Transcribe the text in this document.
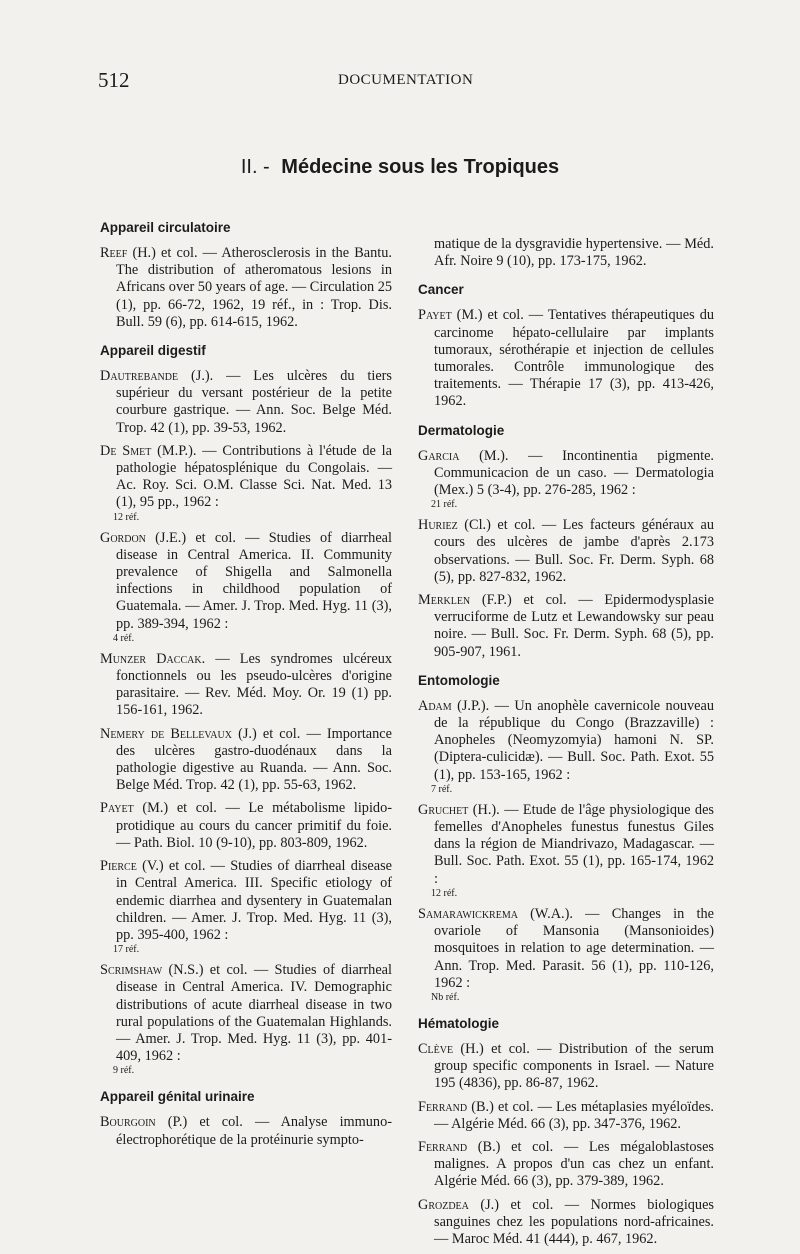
512	DOCUMENTATION
II. - Médecine sous les Tropiques
Appareil circulatoire
Reef (H.) et col. — Atherosclerosis in the Bantu. The distribution of atheromatous lesions in Africans over 50 years of age. — Circulation 25 (1), pp. 66-72, 1962, 19 réf., in : Trop. Dis. Bull. 59 (6), pp. 614-615, 1962.
Appareil digestif
Dautrebande (J.). — Les ulcères du tiers supérieur du versant postérieur de la petite courbure gastrique. — Ann. Soc. Belge Méd. Trop. 42 (1), pp. 39-53, 1962.
De Smet (M.P.). — Contributions à l'étude de la pathologie hépatosplénique du Congolais. — Ac. Roy. Sci. O.M. Classe Sci. Nat. Med. 13 (1), 95 pp., 1962 :
12 réf.
Gordon (J.E.) et col. — Studies of diarrheal disease in Central America. II. Community prevalence of Shigella and Salmonella infections in childhood population of Guatemala. — Amer. J. Trop. Med. Hyg. 11 (3), pp. 389-394, 1962 :
4 réf.
Munzer Daccak. — Les syndromes ulcéreux fonctionnels ou les pseudo-ulcères d'origine parasitaire. — Rev. Méd. Moy. Or. 19 (1) pp. 156-161, 1962.
Nemery de Bellevaux (J.) et col. — Importance des ulcères gastro-duodénaux dans la pathologie digestive au Ruanda. — Ann. Soc. Belge Méd. Trop. 42 (1), pp. 55-63, 1962.
Payet (M.) et col. — Le métabolisme lipido-protidique au cours du cancer primitif du foie. — Path. Biol. 10 (9-10), pp. 803-809, 1962.
Pierce (V.) et col. — Studies of diarrheal disease in Central America. III. Specific etiology of endemic diarrhea and dysentery in Guatemalan children. — Amer. J. Trop. Med. Hyg. 11 (3), pp. 395-400, 1962 :
17 réf.
Scrimshaw (N.S.) et col. — Studies of diarrheal disease in Central America. IV. Demographic distributions of acute diarrheal disease in two rural populations of the Guatemalan Highlands. — Amer. J. Trop. Med. Hyg. 11 (3), pp. 401-409, 1962 :
9 réf.
Appareil génital urinaire
Bourgoin (P.) et col. — Analyse immuno-électrophorétique de la protéinurie sympto-
matique de la dysgravidie hypertensive. — Méd. Afr. Noire 9 (10), pp. 173-175, 1962.
Cancer
Payet (M.) et col. — Tentatives thérapeutiques du carcinome hépato-cellulaire par implants tumoraux, sérothérapie et injection de cellules tumorales. Contrôle immunologique des traitements. — Thérapie 17 (3), pp. 413-426, 1962.
Dermatologie
Garcia (M.). — Incontinentia pigmente. Communicacion de un caso. — Dermatologia (Mex.) 5 (3-4), pp. 276-285, 1962 :
21 réf.
Huriez (Cl.) et col. — Les facteurs généraux au cours des ulcères de jambe d'après 2.173 observations. — Bull. Soc. Fr. Derm. Syph. 68 (5), pp. 827-832, 1962.
Merklen (F.P.) et col. — Epidermodysplasie verruciforme de Lutz et Lewandowsky sur peau noire. — Bull. Soc. Fr. Derm. Syph. 68 (5), pp. 905-907, 1961.
Entomologie
Adam (J.P.). — Un anophèle cavernicole nouveau de la république du Congo (Brazzaville) : Anopheles (Neomyzomyia) hamoni N. SP. (Diptera-culicidæ). — Bull. Soc. Path. Exot. 55 (1), pp. 153-165, 1962 :
7 réf.
Gruchet (H.). — Etude de l'âge physiologique des femelles d'Anopheles funestus funestus Giles dans la région de Miandrivazo, Madagascar. — Bull. Soc. Path. Exot. 55 (1), pp. 165-174, 1962 :
12 réf.
Samarawickrema (W.A.). — Changes in the ovariole of Mansonia (Mansonioides) mosquitoes in relation to age determination. — Ann. Trop. Med. Parasit. 56 (1), pp. 110-126, 1962 :
Nb réf.
Hématologie
Clève (H.) et col. — Distribution of the serum group specific components in Israel. — Nature 195 (4836), pp. 86-87, 1962.
Ferrand (B.) et col. — Les métaplasies myéloïdes. — Algérie Méd. 66 (3), pp. 347-376, 1962.
Ferrand (B.) et col. — Les mégaloblastoses malignes. A propos d'un cas chez un enfant. Algérie Méd. 66 (3), pp. 379-389, 1962.
Grozdea (J.) et col. — Normes biologiques sanguines chez les populations nord-africaines. — Maroc Méd. 41 (444), p. 467, 1962.
